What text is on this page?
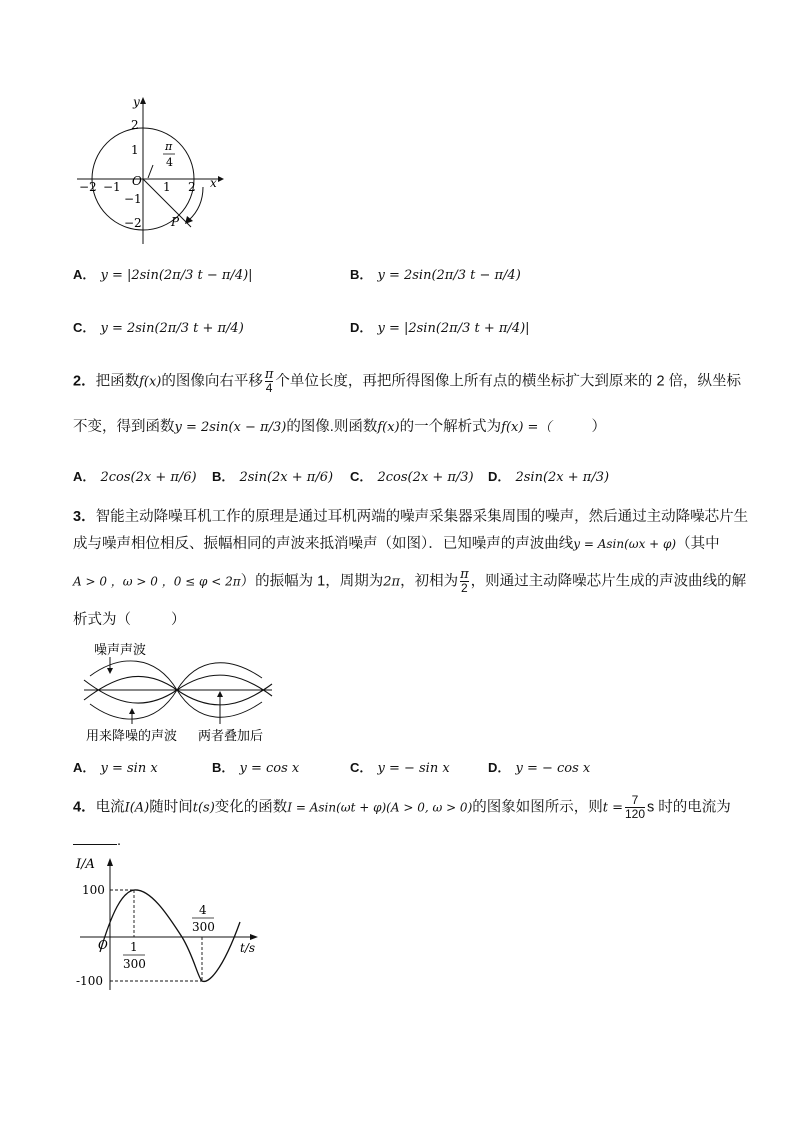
y
x
O
P
2
1
−1
−2
−2 −1	1 2
π
4
A． y = |2sin(2π/3 t − π/4)|	B． y = 2sin(2π/3 t − π/4)
C． y = 2sin(2π/3 t + π/4)	D． y = |2sin(2π/3 t + π/4)|
2．把函数f(x)的图像向右平移 $\frac{\pi}{4}$ 个单位长度，再把所得图像上所有点的横坐标扩大到原来的 2 倍，纵坐标
不变，得到函数y = 2sin(x − π/3)的图像.则函数f(x)的一个解析式为f(x) =（	）
A． 2cos(2x + π/6) B． 2sin(2x + π/6) C． 2cos(2x + π/3) D． 2sin(2x + π/3)
3．智能主动降噪耳机工作的原理是通过耳机两端的噪声采集器采集周围的噪声，然后通过主动降噪芯片生
成与噪声相位相反、振幅相同的声波来抵消噪声（如图）．已知噪声的声波曲线y = Asin(ωx + φ)（其中
A > 0 ，ω > 0 ，0 ≤ φ < 2π）的振幅为 1，周期为2π，初相为 $\frac{\pi}{2}$ ，则通过主动降噪芯片生成的声波曲线的解
析式为（	）
噪声声波
用来降噪的声波 两者叠加后
A． y = sin x	B． y = cos x	C． y = − sin x	D． y = − cos x
4．电流I(A)随时间t(s)变化的函数I = Asin(ωt + φ)(A > 0, ω > 0)的图象如图所示，则$t = \frac{7}{120}$ s 时的电流为
.
I/A
t/s
O
100
-100
1
300
4
300
